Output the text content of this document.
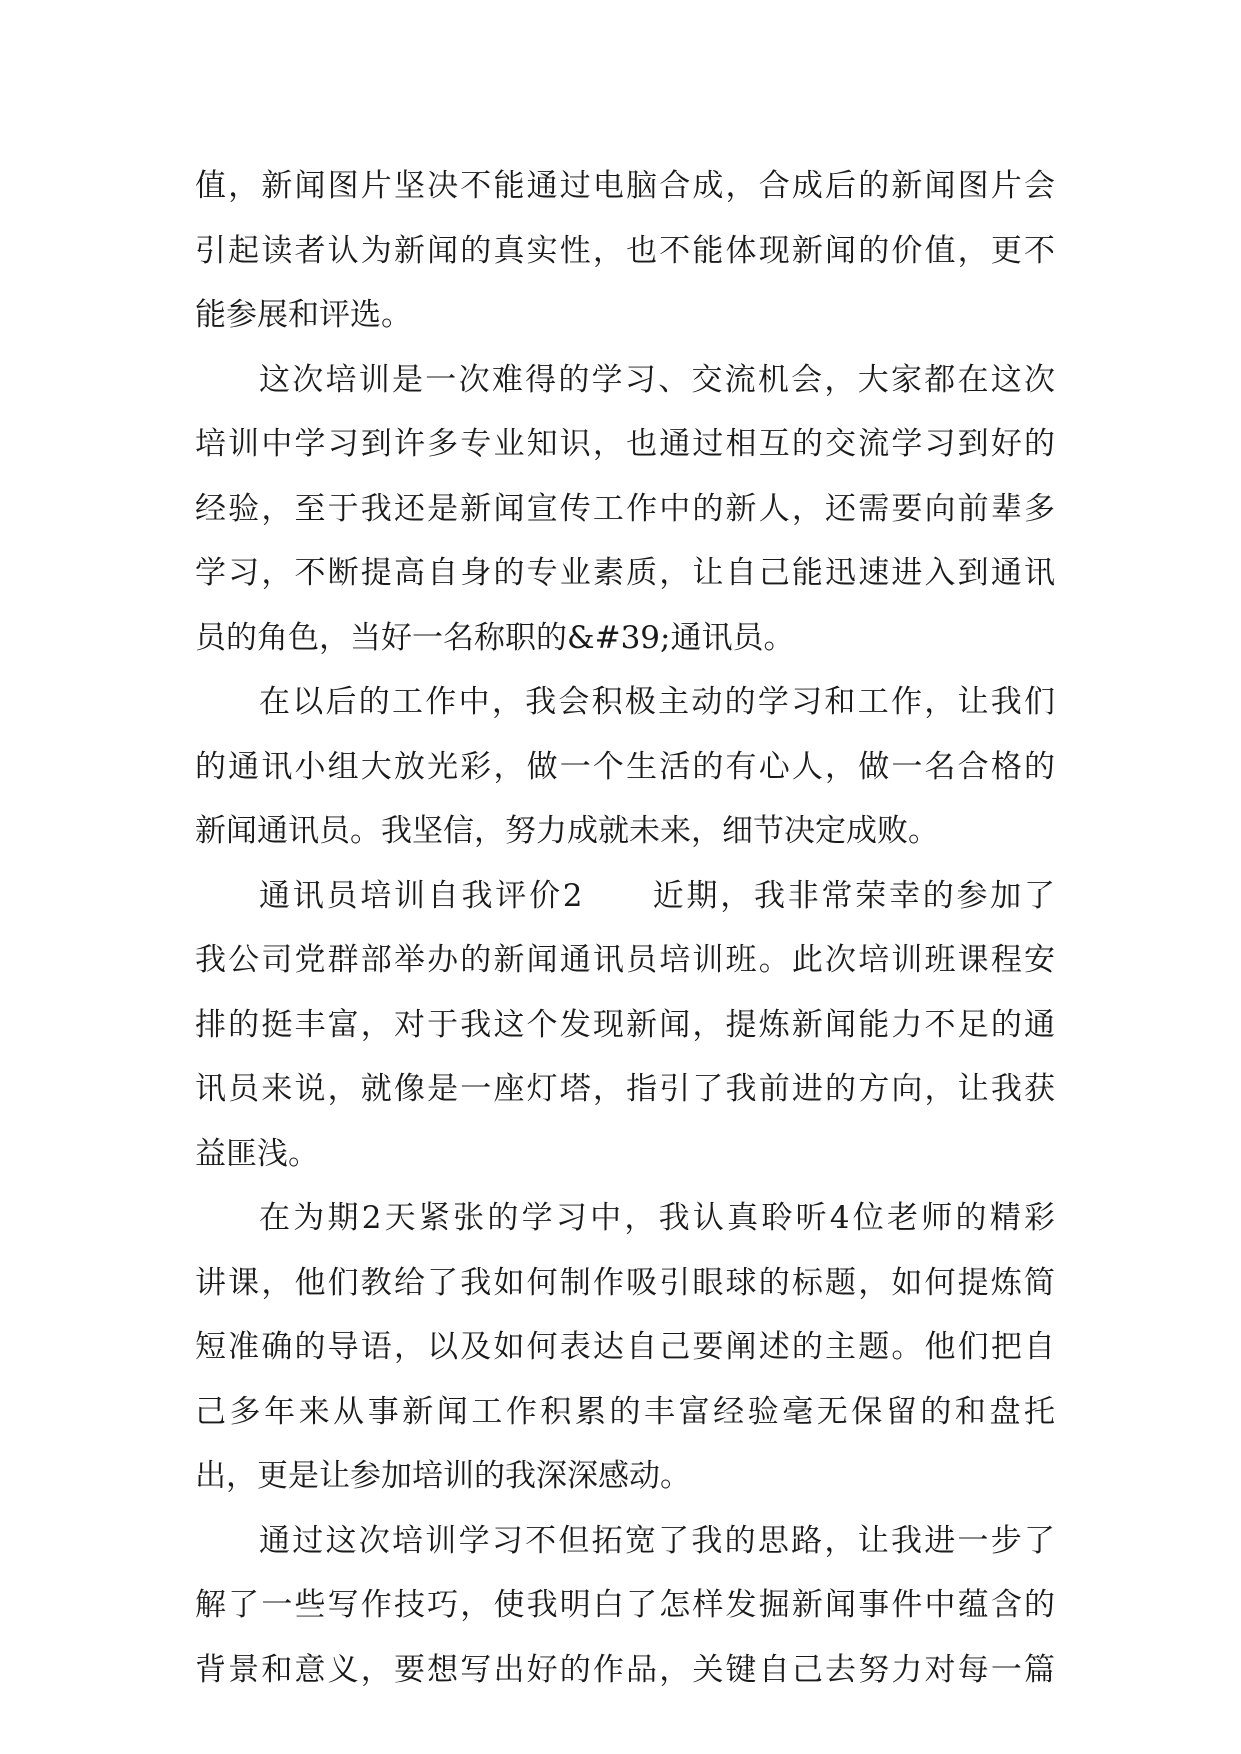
值，新闻图片坚决不能通过电脑合成，合成后的新闻图片会

引起读者认为新闻的真实性，也不能体现新闻的价值，更不

能参展和评选。

这次培训是一次难得的学习、交流机会，大家都在这次

培训中学习到许多专业知识，也通过相互的交流学习到好的

经验，至于我还是新闻宣传工作中的新人，还需要向前辈多

学习，不断提高自身的专业素质，让自己能迅速进入到通讯

员的角色，当好一名称职的&#39;通讯员。

在以后的工作中，我会积极主动的学习和工作，让我们

的通讯小组大放光彩，做一个生活的有心人，做一名合格的

新闻通讯员。我坚信，努力成就未来，细节决定成败。

通讯员培训自我评价2　　近期，我非常荣幸的参加了

我公司党群部举办的新闻通讯员培训班。此次培训班课程安

排的挺丰富，对于我这个发现新闻，提炼新闻能力不足的通

讯员来说，就像是一座灯塔，指引了我前进的方向，让我获

益匪浅。

在为期2天紧张的学习中，我认真聆听4位老师的精彩

讲课，他们教给了我如何制作吸引眼球的标题，如何提炼简

短准确的导语，以及如何表达自己要阐述的主题。他们把自

己多年来从事新闻工作积累的丰富经验毫无保留的和盘托

出，更是让参加培训的我深深感动。

通过这次培训学习不但拓宽了我的思路，让我进一步了

解了一些写作技巧，使我明白了怎样发掘新闻事件中蕴含的

背景和意义，要想写出好的作品，关键自己去努力对每一篇
